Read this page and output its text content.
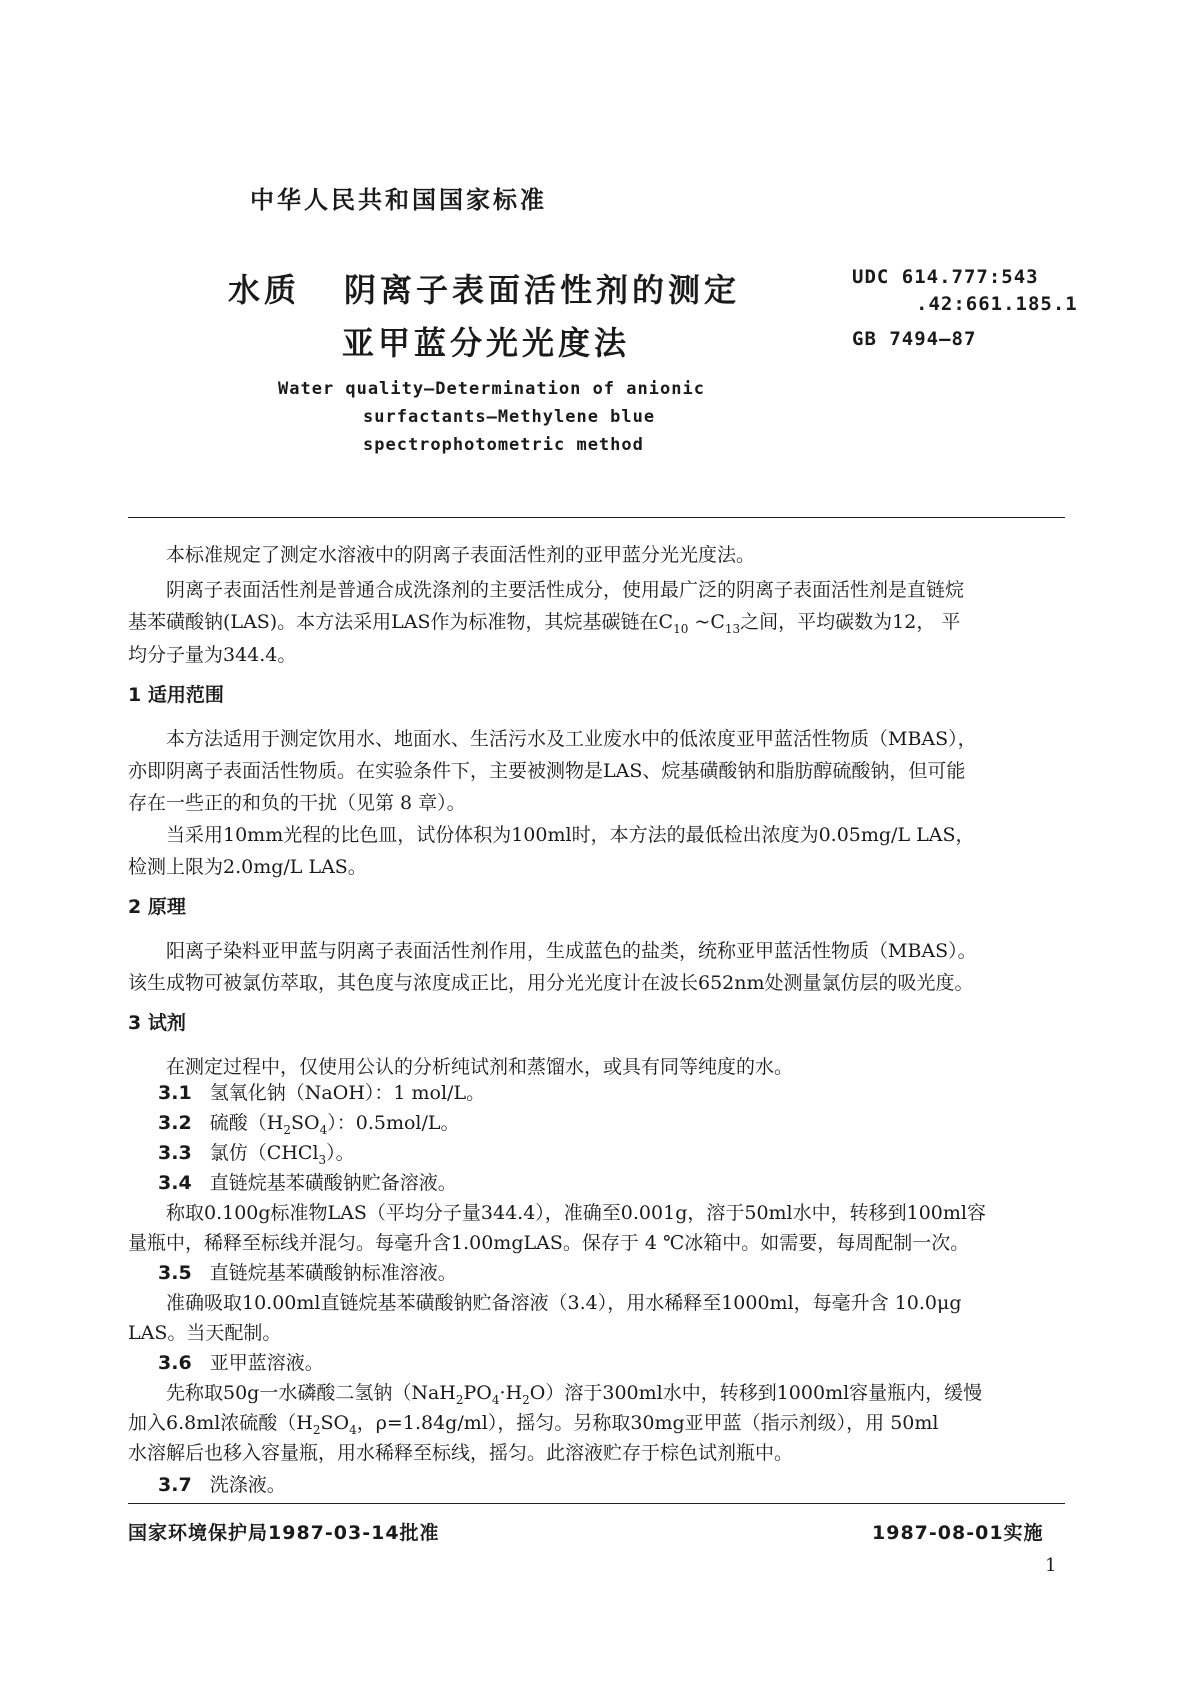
中华人民共和国国家标准
水质 阴离子表面活性剂的测定
亚甲蓝分光光度法
UDC 614.777:543
.42:661.185.1
GB 7494—87
Water quality—Determination of anionic
surfactants—Methylene blue
spectrophotometric method
本标准规定了测定水溶液中的阴离子表面活性剂的亚甲蓝分光光度法。
阴离子表面活性剂是普通合成洗涤剂的主要活性成分，使用最广泛的阴离子表面活性剂是直链烷
基苯磺酸钠(LAS)。本方法采用LAS作为标准物，其烷基碳链在$C_{10}$ $\sim C_{13}$之间，平均碳数为12， 平
均分子量为344.4。
1 适用范围
本方法适用于测定饮用水、地面水、生活污水及工业废水中的低浓度亚甲蓝活性物质（MBAS），
亦即阴离子表面活性物质。在实验条件下，主要被测物是LAS、烷基磺酸钠和脂肪醇硫酸钠，但可能
存在一些正的和负的干扰（见第 8 章）。
当采用10mm光程的比色皿，试份体积为100ml时，本方法的最低检出浓度为0.05mg/L LAS，
检测上限为2.0mg/L LAS。
2 原理
阳离子染料亚甲蓝与阴离子表面活性剂作用，生成蓝色的盐类，统称亚甲蓝活性物质（MBAS）。
该生成物可被氯仿萃取，其色度与浓度成正比，用分光光度计在波长652nm处测量氯仿层的吸光度。
3 试剂
在测定过程中，仅使用公认的分析纯试剂和蒸馏水，或具有同等纯度的水。
3.1 氢氧化钠（NaOH）：1 mol/L。
3.2 硫酸$(H_2SO_4)$：0.5mol/L。
3.3 氯仿（CHCl$_3$）。
3.4 直链烷基苯磺酸钠贮备溶液。
称取0.100g标准物LAS（平均分子量344.4），准确至0.001g，溶于50ml水中，转移到100ml容
量瓶中，稀释至标线并混匀。每毫升含1.00mgLAS。保存于 4 ℃冰箱中。如需要，每周配制一次。
3.5 直链烷基苯磺酸钠标准溶液。
准确吸取10.00ml直链烷基苯磺酸钠贮备溶液（3.4），用水稀释至1000ml，每毫升含 10.0μg
LAS。当天配制。
3.6 亚甲蓝溶液。
先称取50g一水磷酸二氢钠$(NaH_2PO_4\cdot H_2O)$溶于300ml水中，转移到1000ml容量瓶内，缓慢
加入6.8ml浓硫酸（$H_2SO_4$，ρ=1.84g/ml），摇匀。另称取30mg亚甲蓝（指示剂级），用 50ml
水溶解后也移入容量瓶，用水稀释至标线，摇匀。此溶液贮存于棕色试剂瓶中。
国家环境保护局1987-03-14批准	1987-08-01实施
1
3.7 洗涤液。
